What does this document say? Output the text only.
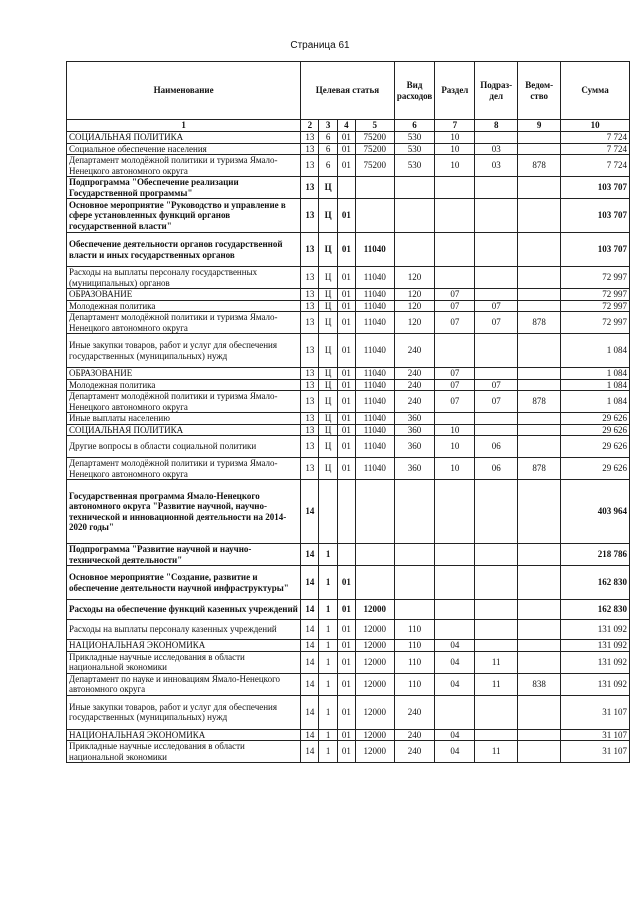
Страница 61
Наименование	Целевая статья				Вид расходов	Раздел	Подраз- дел	Ведом- ство	Сумма
1	2	3	4	5	6	7	8	9	10
СОЦИАЛЬНАЯ ПОЛИТИКА	13	6	01	75200	530	10			7 724
Социальное обеспечение населения	13	6	01	75200	530	10	03		7 724
Департамент молодёжной политики и туризма Ямало-Ненецкого автономного округа	13	6	01	75200	530	10	03	878	7 724
Подпрограмма "Обеспечение реализации Государственной программы"	13	Ц							103 707
Основное мероприятие "Руководство и управление в сфере установленных функций органов государственной власти"	13	Ц	01						103 707
Обеспечение деятельности органов государственной власти и иных государственных органов	13	Ц	01	11040					103 707
Расходы на выплаты персоналу государственных (муниципальных) органов	13	Ц	01	11040	120				72 997
ОБРАЗОВАНИЕ	13	Ц	01	11040	120	07			72 997
Молодежная политика	13	Ц	01	11040	120	07	07		72 997
Департамент молодёжной политики и туризма Ямало-Ненецкого автономного округа	13	Ц	01	11040	120	07	07	878	72 997
Иные закупки товаров, работ и услуг для обеспечения государственных (муниципальных) нужд	13	Ц	01	11040	240				1 084
ОБРАЗОВАНИЕ	13	Ц	01	11040	240	07			1 084
Молодежная политика	13	Ц	01	11040	240	07	07		1 084
Департамент молодёжной политики и туризма Ямало-Ненецкого автономного округа	13	Ц	01	11040	240	07	07	878	1 084
Иные выплаты населению	13	Ц	01	11040	360				29 626
СОЦИАЛЬНАЯ ПОЛИТИКА	13	Ц	01	11040	360	10			29 626
Другие вопросы в области социальной политики	13	Ц	01	11040	360	10	06		29 626
Департамент молодёжной политики и туризма Ямало-Ненецкого автономного округа	13	Ц	01	11040	360	10	06	878	29 626
Государственная программа Ямало-Ненецкого автономного округа "Развитие научной, научно-технической и инновационной деятельности на 2014-2020 годы"	14								403 964
Подпрограмма "Развитие научной и научно-технической деятельности"	14	1							218 786
Основное мероприятие "Создание, развитие и обеспечение деятельности научной инфраструктуры"	14	1	01						162 830
Расходы на обеспечение функций казенных учреждений	14	1	01	12000					162 830
Расходы на выплаты персоналу казенных учреждений	14	1	01	12000	110				131 092
НАЦИОНАЛЬНАЯ ЭКОНОМИКА	14	1	01	12000	110	04			131 092
Прикладные научные исследования в области национальной экономики	14	1	01	12000	110	04	11		131 092
Департамент по науке и инновациям Ямало-Ненецкого автономного округа	14	1	01	12000	110	04	11	838	131 092
Иные закупки товаров, работ и услуг для обеспечения государственных (муниципальных) нужд	14	1	01	12000	240				31 107
НАЦИОНАЛЬНАЯ ЭКОНОМИКА	14	1	01	12000	240	04			31 107
Прикладные научные исследования в области национальной экономики	14	1	01	12000	240	04	11		31 107
